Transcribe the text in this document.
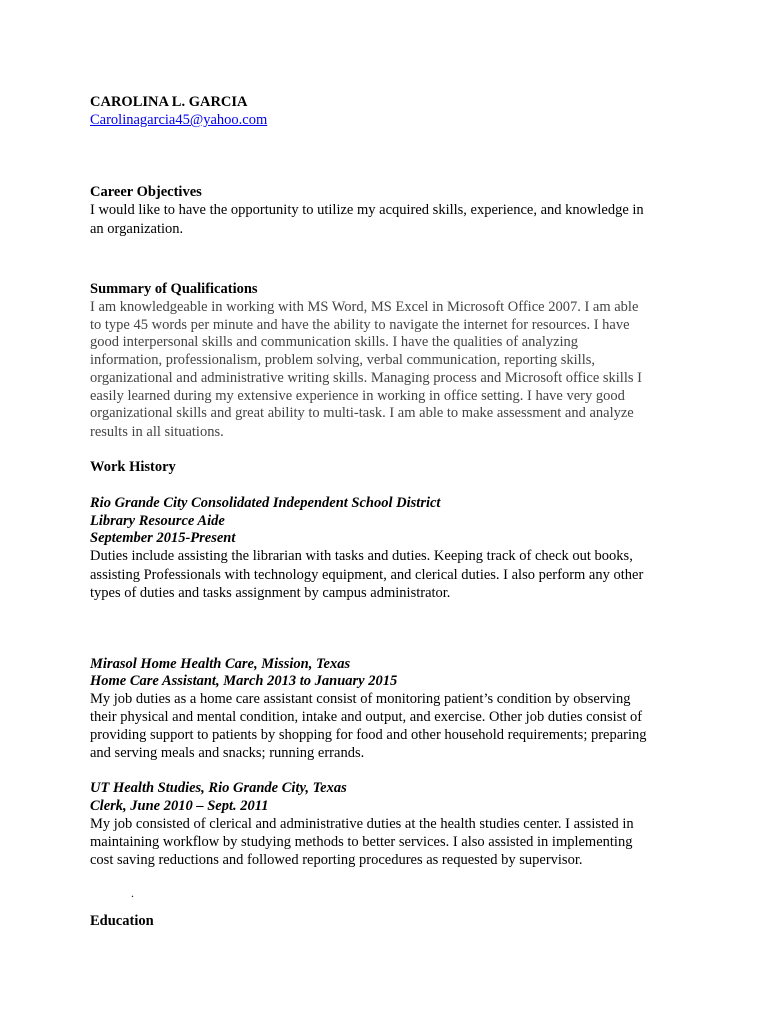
CAROLINA L. GARCIA
Carolinagarcia45@yahoo.com
Career Objectives
I would like to have the opportunity to utilize my acquired skills, experience, and knowledge in
an organization.
Summary of Qualifications
I am knowledgeable in working with MS Word, MS Excel in Microsoft Office 2007. I am able
to type 45 words per minute and have the ability to navigate the internet for resources. I have
good interpersonal skills and communication skills. I have the qualities of analyzing
information, professionalism, problem solving, verbal communication, reporting skills,
organizational and administrative writing skills. Managing process and Microsoft office skills I
easily learned during my extensive experience in working in office setting. I have very good
organizational skills and great ability to multi-task. I am able to make assessment and analyze
results in all situations.
Work History
Rio Grande City Consolidated Independent School District
Library Resource Aide
September 2015-Present
Duties include assisting the librarian with tasks and duties. Keeping track of check out books,
assisting Professionals with technology equipment, and clerical duties. I also perform any other
types of duties and tasks assignment by campus administrator.
Mirasol Home Health Care, Mission, Texas
Home Care Assistant, March 2013 to January 2015
My job duties as a home care assistant consist of monitoring patient’s condition by observing
their physical and mental condition, intake and output, and exercise. Other job duties consist of
providing support to patients by shopping for food and other household requirements; preparing
and serving meals and snacks; running errands.
UT Health Studies, Rio Grande City, Texas
Clerk, June 2010 – Sept. 2011
My job consisted of clerical and administrative duties at the health studies center. I assisted in
maintaining workflow by studying methods to better services. I also assisted in implementing
cost saving reductions and followed reporting procedures as requested by supervisor.
.
Education
